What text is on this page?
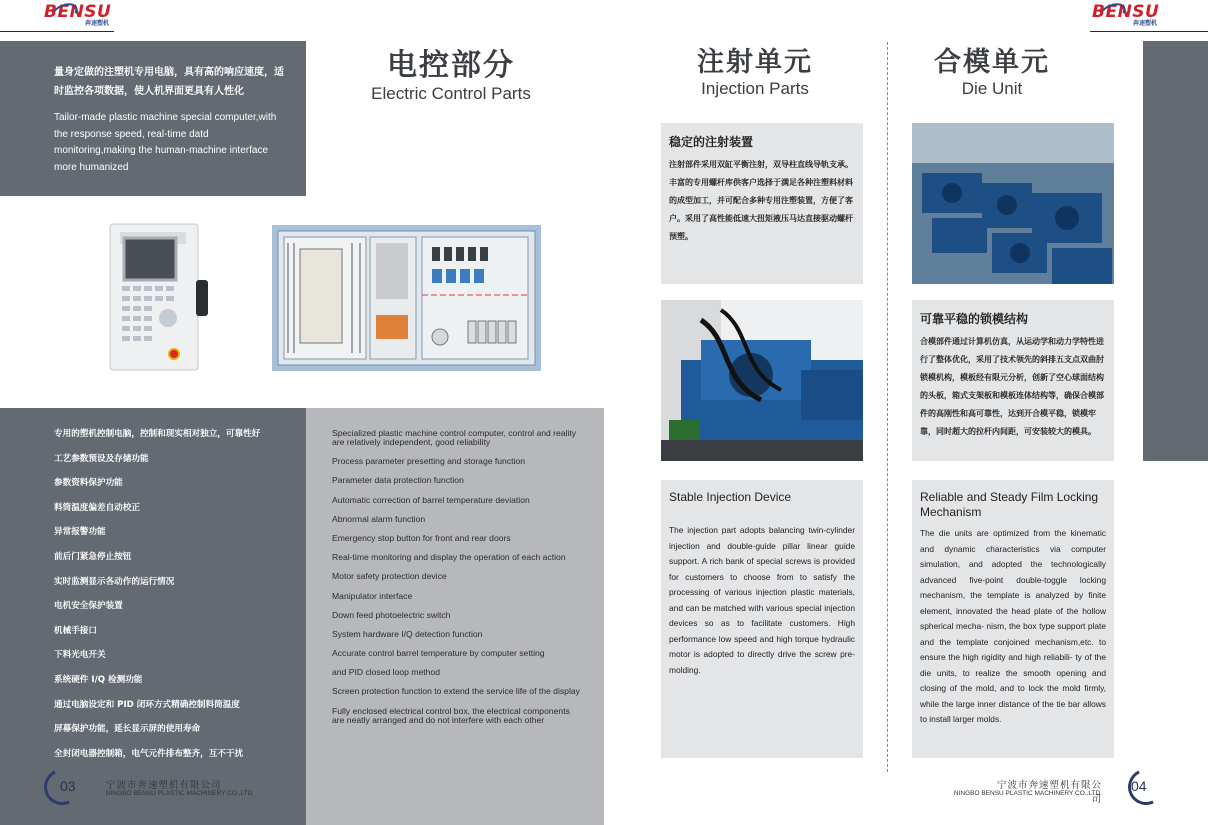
BENSU
奔速塑机
量身定做的注塑机专用电脑，具有高的响应速度，适时监控各项数据，使人机界面更具有人性化
Tailor-made plastic machine special computer,with the response speed, real-time datd monitoring,making the human-machine interface more humanized
电控部分
Electric Control Parts
专用的塑机控制电脑，控制和现实相对独立，可靠性好
工艺参数预设及存储功能
参数资料保护功能
料筒温度偏差自动校正
异常报警功能
前后门紧急停止按钮
实时监测显示各动作的运行情况
电机安全保护装置
机械手接口
下料光电开关
系统硬件 I/Q 检测功能
通过电脑设定和 PID 闭环方式精确控制料筒温度
屏幕保护功能，延长显示屏的使用寿命
全封闭电器控制箱，电气元件排布整齐，互不干扰
Specialized plastic machine control computer, control and reality are relatively independent, good reliability
Process parameter presetting and storage function
Parameter data protection function
Automatic correction of barrel temperature deviation
Abnormal alarm function
Emergency stop button for front and rear doors
Real-time monitoring and display the operation of each action
Motor safety protection device
Manipulator interface
Down feed photoelectric switch
System hardware I/Q detection function
Accurate control barrel temperature by computer setting
and PID closed loop method
Screen protection function to extend the service life of the display
Fully enclosed electrical control box, the electrical components are neatly arranged and do not interfere with each other
03	宁波市奔速塑机有限公司
NINGBO BENSU PLASTIC MACHINERY CO.,LTD.
BENSU
奔速塑机
注射单元
Injection Parts
稳定的注射装置

注射部件采用双缸平衡注射，双导柱直线导轨支承。丰富的专用螺杆库供客户选择于满足各种注塑料材料的成型加工，并可配合多种专用注塑装置，方便了客户。采用了高性能低速大扭矩液压马达直接驱动螺杆预塑。

Stable Injection Device
The injection part adopts balancing twin-cylinder injection and double-guide pillar linear guide support. A rich bank of special screws is provided for customers to choose from to satisfy the processing of various injection plastic materials, and can be matched with various special injection devices so as to facilitate customers. High performance low speed and high torque hydraulic motor is adopted to directly drive the screw pre-molding.
合模单元
Die Unit
可靠平稳的锁模结构

合模部件通过计算机仿真，从运动学和动力学特性进行了整体优化，采用了技术领先的斜排五支点双曲肘锁模机构，模板经有限元分析，创新了空心球面结构的头板，箱式支架板和模板连体结构等，确保合模部件的高刚性和高可靠性，达到开合模平稳，锁模牢靠，同时超大的拉杆内间距，可安装较大的模具。

Reliable and Steady Film Locking Mechanism
The die units are optimized from the kinematic and dynamic characteristics via computer simulation, and adopted the technologically advanced five-point double-toggle locking mechanism, the template is analyzed by finite element, innovated the head plate of the hollow spherical mecha- nism, the box type support plate and the template conjoined mechanism,etc. to ensure the high rigidity and high reliabili- ty of the die units, to realize the smooth opening and closing of the mold, and to lock the mold firmly, while the large inner distance of the tie bar allows to install larger molds.
宁波市奔速塑机有限公司
NINGBO BENSU PLASTIC MACHINERY CO.,LTD. 04
